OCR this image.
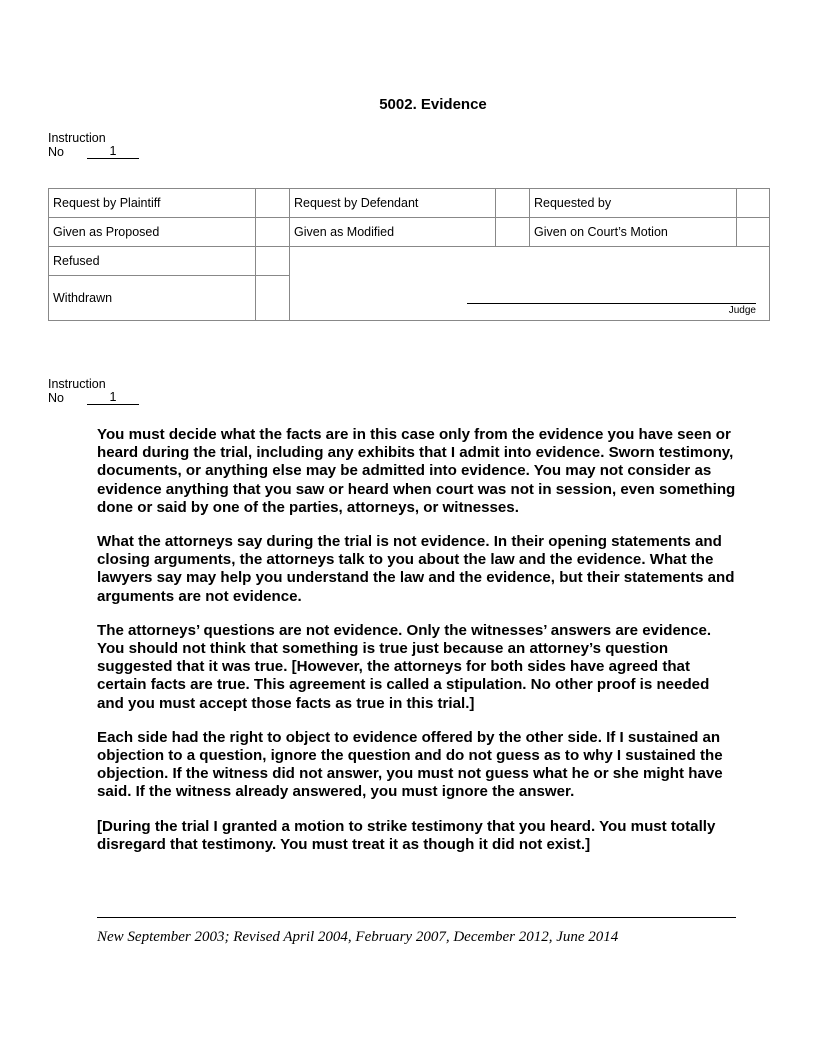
5002. Evidence
Instruction
No	1
Request by Plaintiff		Request by Defendant		Requested by	
Given as Proposed		Given as Modified		Given on Court’s Motion	
Refused		Judge			

Withdrawn					
Instruction
No	1

You must decide what the facts are in this case only from the evidence you have seen or heard during the trial, including any exhibits that I admit into evidence. Sworn testimony, documents, or anything else may be admitted into evidence. You may not consider as evidence anything that you saw or heard when court was not in session, even something done or said by one of the parties, attorneys, or witnesses.

What the attorneys say during the trial is not evidence. In their opening statements and closing arguments, the attorneys talk to you about the law and the evidence. What the lawyers say may help you understand the law and the evidence, but their statements and arguments are not evidence.

The attorneys’ questions are not evidence. Only the witnesses’ answers are evidence. You should not think that something is true just because an attorney’s question suggested that it was true. [However, the attorneys for both sides have agreed that certain facts are true. This agreement is called a stipulation. No other proof is needed and you must accept those facts as true in this trial.]

Each side had the right to object to evidence offered by the other side. If I sustained an objection to a question, ignore the question and do not guess as to why I sustained the objection. If the witness did not answer, you must not guess what he or she might have said. If the witness already answered, you must ignore the answer.

[During the trial I granted a motion to strike testimony that you heard. You must totally disregard that testimony. You must treat it as though it did not exist.]

New September 2003; Revised April 2004, February 2007, December 2012, June 2014
